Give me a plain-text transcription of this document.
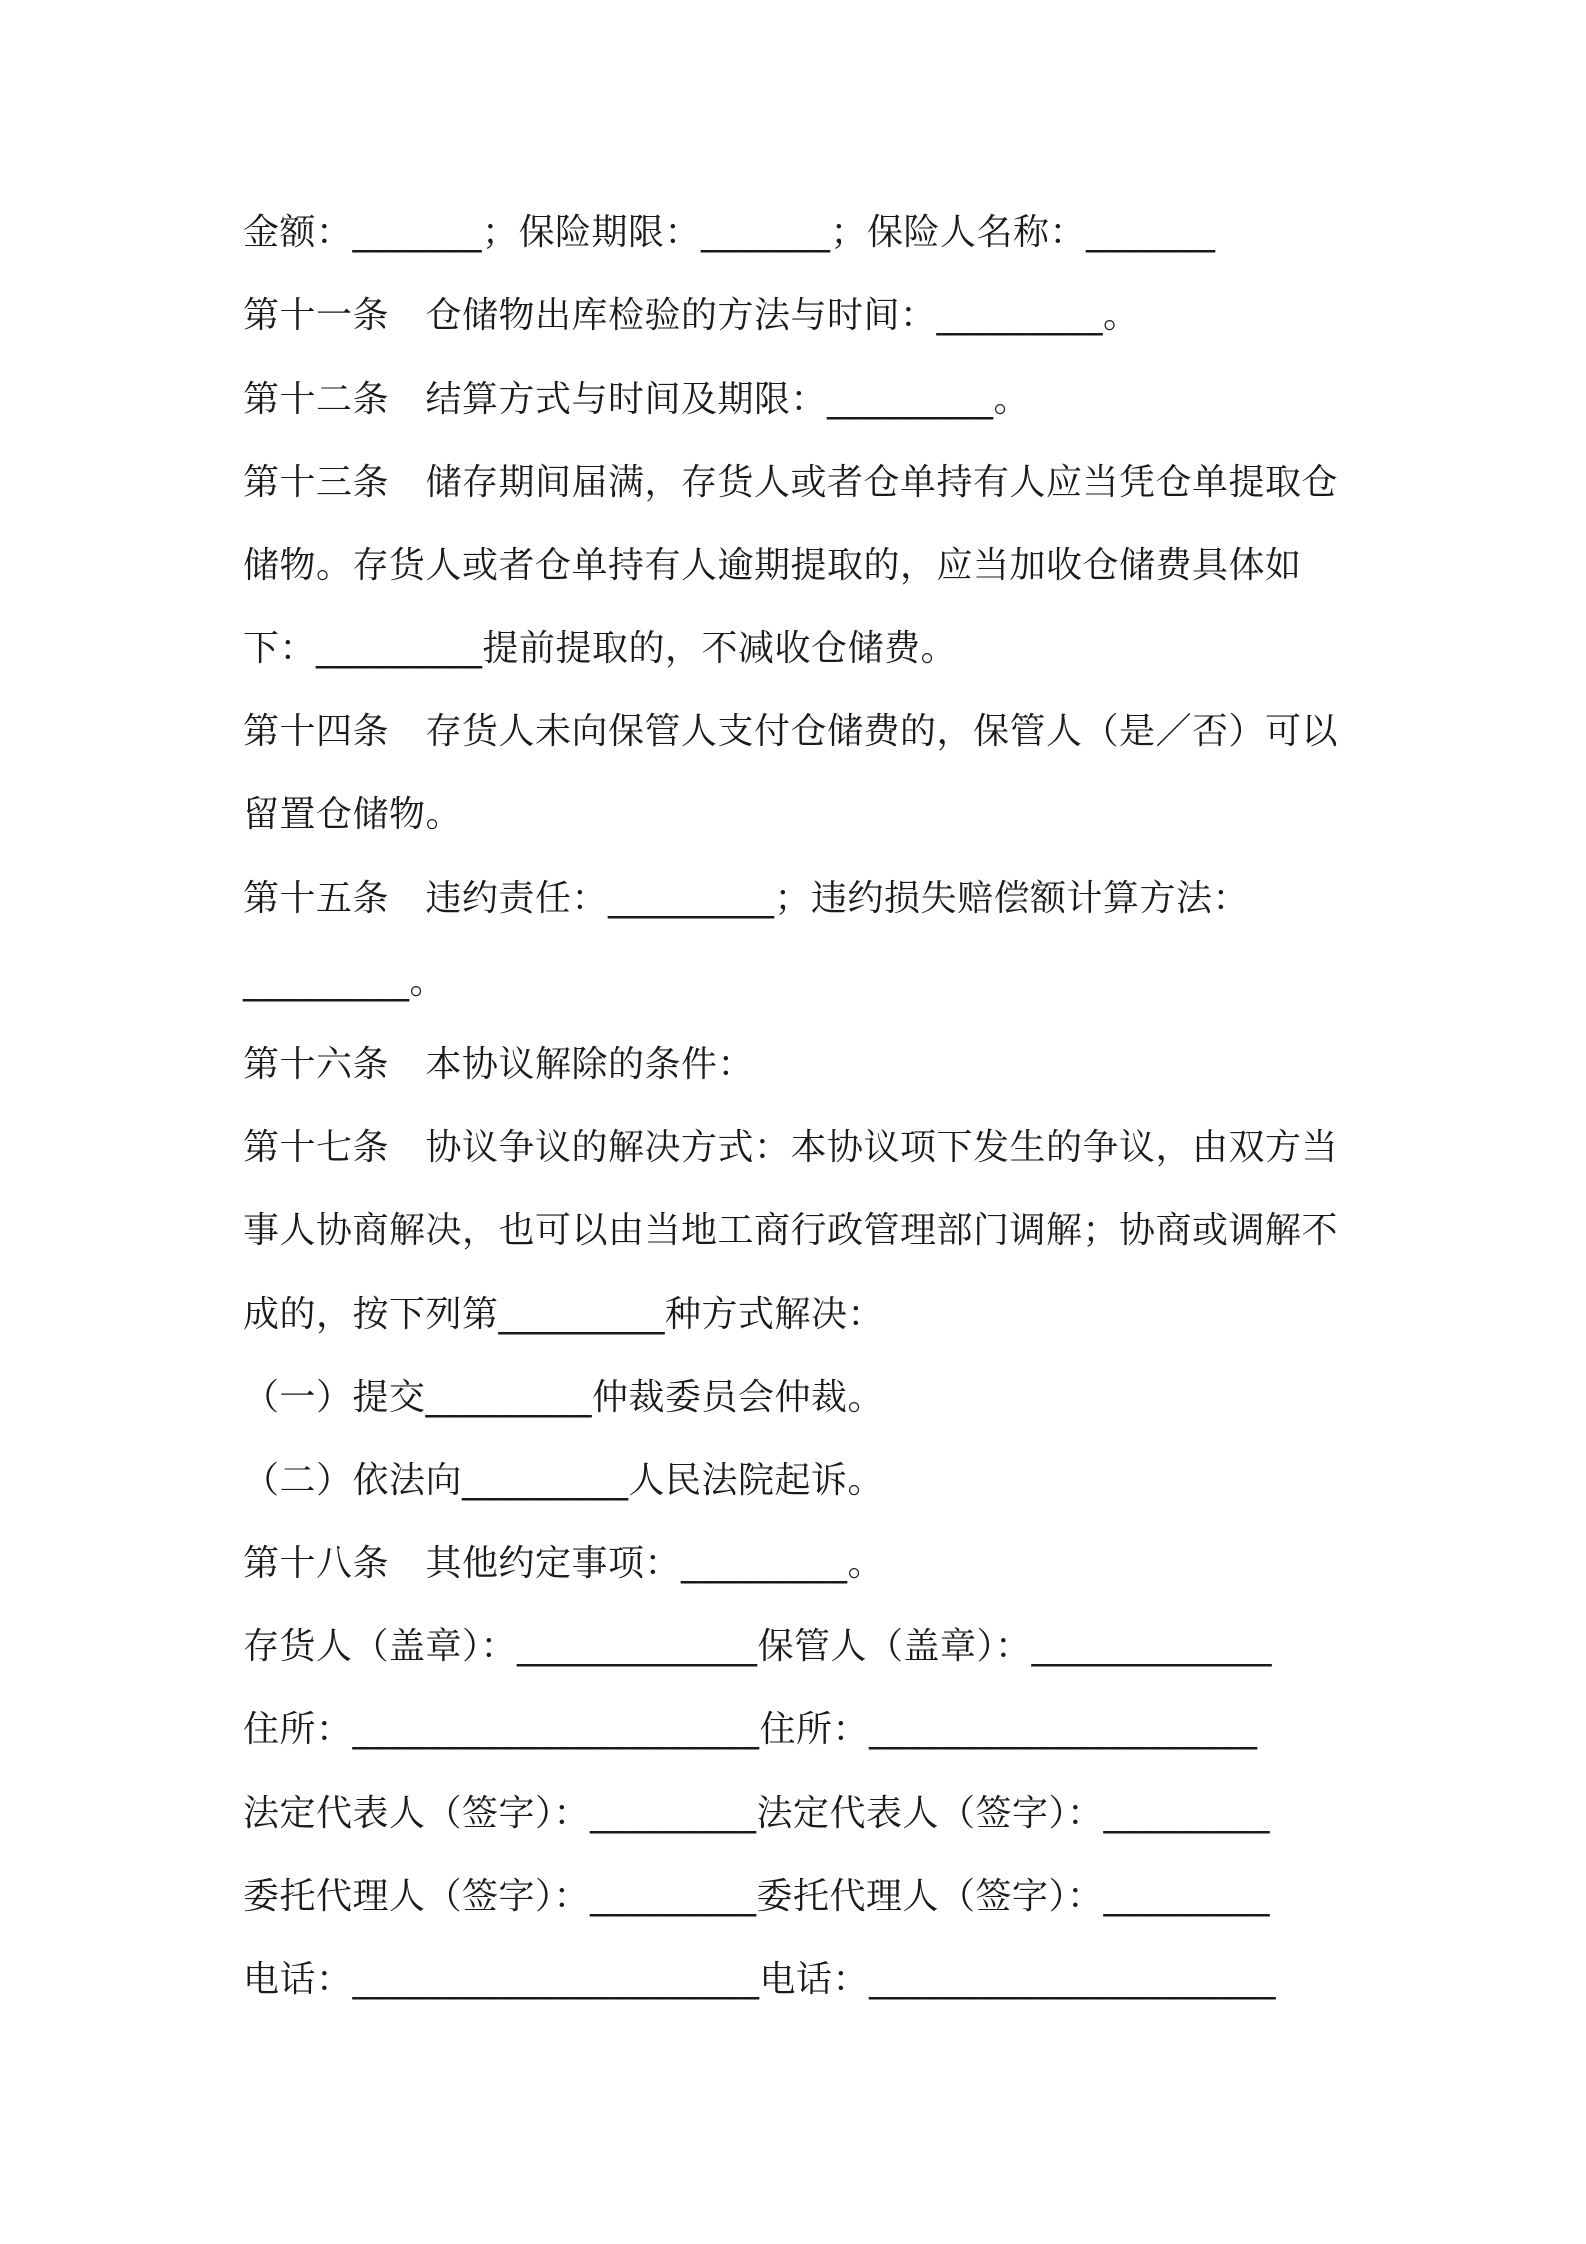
金额：_______；保险期限：_______；保险人名称：_______
第十一条　仓储物出库检验的方法与时间：_________。
第十二条　结算方式与时间及期限：_________。
第十三条　储存期间届满，存货人或者仓单持有人应当凭仓单提取仓
储物。存货人或者仓单持有人逾期提取的，应当加收仓储费具体如
下：_________提前提取的，不减收仓储费。
第十四条　存货人未向保管人支付仓储费的，保管人（是／否）可以
留置仓储物。
第十五条　违约责任：_________；违约损失赔偿额计算方法：
_________。
第十六条　本协议解除的条件：
第十七条　协议争议的解决方式：本协议项下发生的争议，由双方当
事人协商解决，也可以由当地工商行政管理部门调解；协商或调解不
成的，按下列第_________种方式解决：
（一）提交_________仲裁委员会仲裁。
（二）依法向_________人民法院起诉。
第十八条　其他约定事项：_________。
存货人（盖章）：_____________保管人（盖章）：_____________
住所：______________________住所：_____________________
法定代表人（签字）：_________法定代表人（签字）：_________
委托代理人（签字）：_________委托代理人（签字）：_________
电话：______________________电话：______________________
